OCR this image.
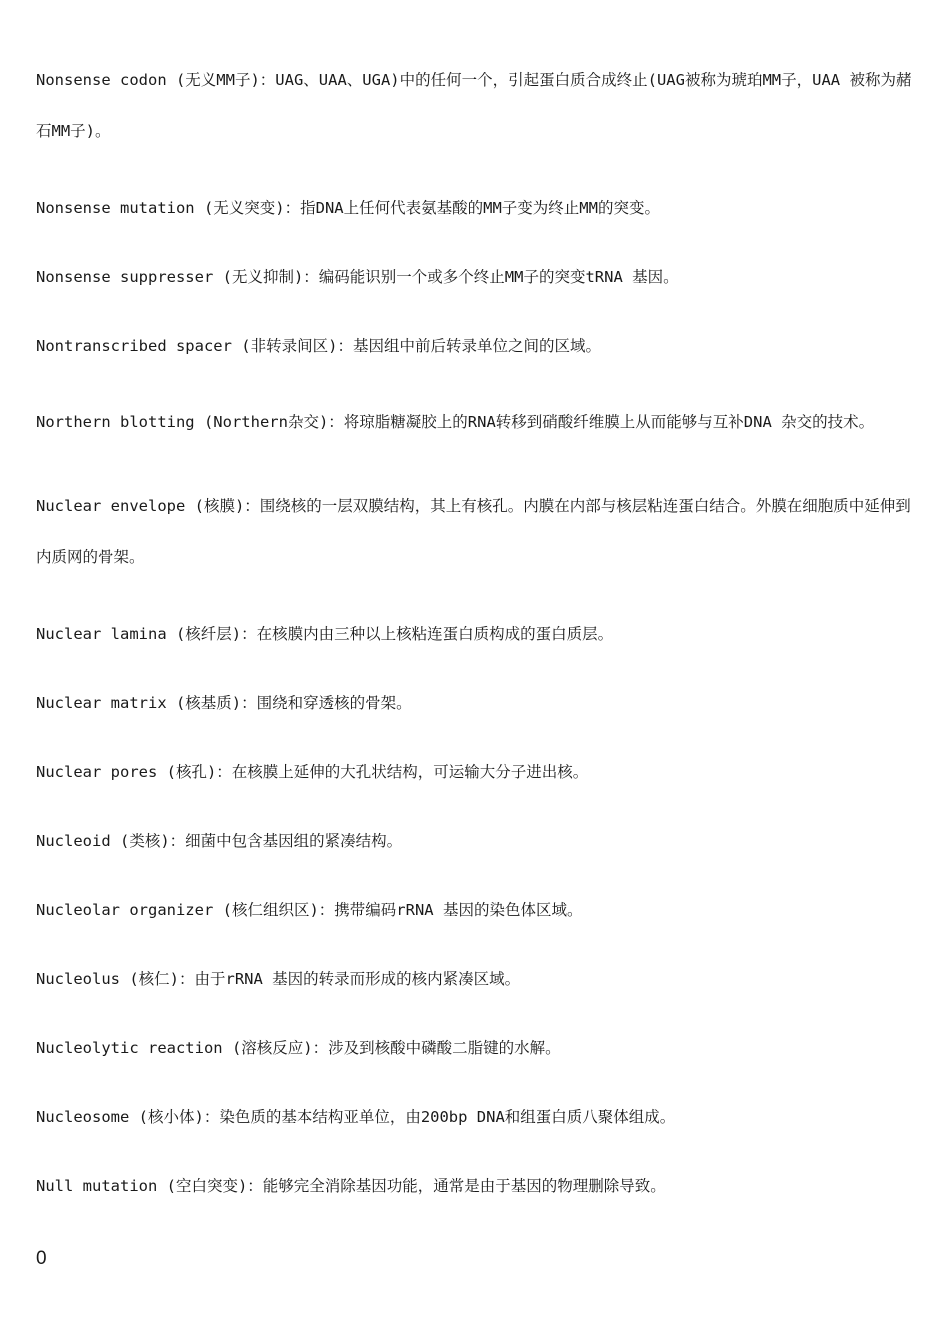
Nonsense codon (无义MM子)：UAG、UAA、UGA)中的任何一个，引起蛋白质合成终止(UAG被称为琥珀MM子，UAA 被称为赭石MM子)。

Nonsense mutation (无义突变)：指DNA上任何代表氨基酸的MM子变为终止MM的突变。

Nonsense suppresser (无义抑制)：编码能识别一个或多个终止MM子的突变tRNA 基因。

Nontranscribed spacer (非转录间区)：基因组中前后转录单位之间的区域。

Northern blotting (Northern杂交)：将琼脂糖凝胶上的RNA转移到硝酸纤维膜上从而能够与互补DNA 杂交的技术。

Nuclear envelope (核膜)：围绕核的一层双膜结构，其上有核孔。内膜在内部与核层粘连蛋白结合。外膜在细胞质中延伸到内质网的骨架。

Nuclear lamina (核纤层)：在核膜内由三种以上核粘连蛋白质构成的蛋白质层。

Nuclear matrix (核基质)：围绕和穿透核的骨架。

Nuclear pores (核孔)：在核膜上延伸的大孔状结构，可运输大分子进出核。

Nucleoid (类核)：细菌中包含基因组的紧凑结构。

Nucleolar organizer (核仁组织区)：携带编码rRNA 基因的染色体区域。

Nucleolus (核仁)：由于rRNA 基因的转录而形成的核内紧凑区域。

Nucleolytic reaction (溶核反应)：涉及到核酸中磷酸二脂键的水解。

Nucleosome (核小体)：染色质的基本结构亚单位，由200bp DNA和组蛋白质八聚体组成。

Null mutation (空白突变)：能够完全消除基因功能，通常是由于基因的物理删除导致。

0
